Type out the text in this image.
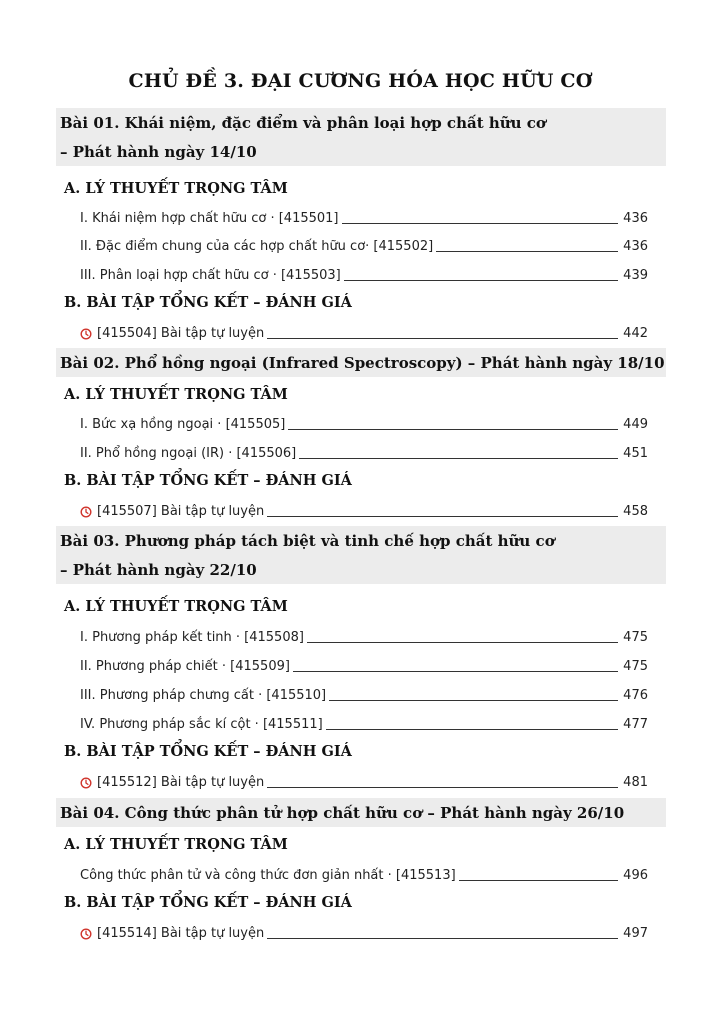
CHỦ ĐỀ 3. ĐẠI CƯƠNG HÓA HỌC HỮU CƠ
Bài 01. Khái niệm, đặc điểm và phân loại hợp chất hữu cơ
– Phát hành ngày 14/10
A. LÝ THUYẾT TRỌNG TÂM
I. Khái niệm hợp chất hữu cơ · [415501]	436
II. Đặc điểm chung của các hợp chất hữu cơ· [415502]	436
III. Phân loại hợp chất hữu cơ · [415503]	439
B. BÀI TẬP TỔNG KẾT – ĐÁNH GIÁ
[415504] Bài tập tự luyện	442
Bài 02. Phổ hồng ngoại (Infrared Spectroscopy) – Phát hành ngày 18/10
A. LÝ THUYẾT TRỌNG TÂM
I. Bức xạ hồng ngoại · [415505]	449
II. Phổ hồng ngoại (IR) · [415506]	451
B. BÀI TẬP TỔNG KẾT – ĐÁNH GIÁ
[415507] Bài tập tự luyện	458
Bài 03. Phương pháp tách biệt và tinh chế hợp chất hữu cơ
– Phát hành ngày 22/10
A. LÝ THUYẾT TRỌNG TÂM
I. Phương pháp kết tinh · [415508]	475
II. Phương pháp chiết · [415509]	475
III. Phương pháp chưng cất · [415510]	476
IV. Phương pháp sắc kí cột · [415511]	477
B. BÀI TẬP TỔNG KẾT – ĐÁNH GIÁ
[415512] Bài tập tự luyện	481
Bài 04. Công thức phân tử hợp chất hữu cơ – Phát hành ngày 26/10
A. LÝ THUYẾT TRỌNG TÂM
Công thức phân tử và công thức đơn giản nhất · [415513]	496
B. BÀI TẬP TỔNG KẾT – ĐÁNH GIÁ
[415514] Bài tập tự luyện	497
